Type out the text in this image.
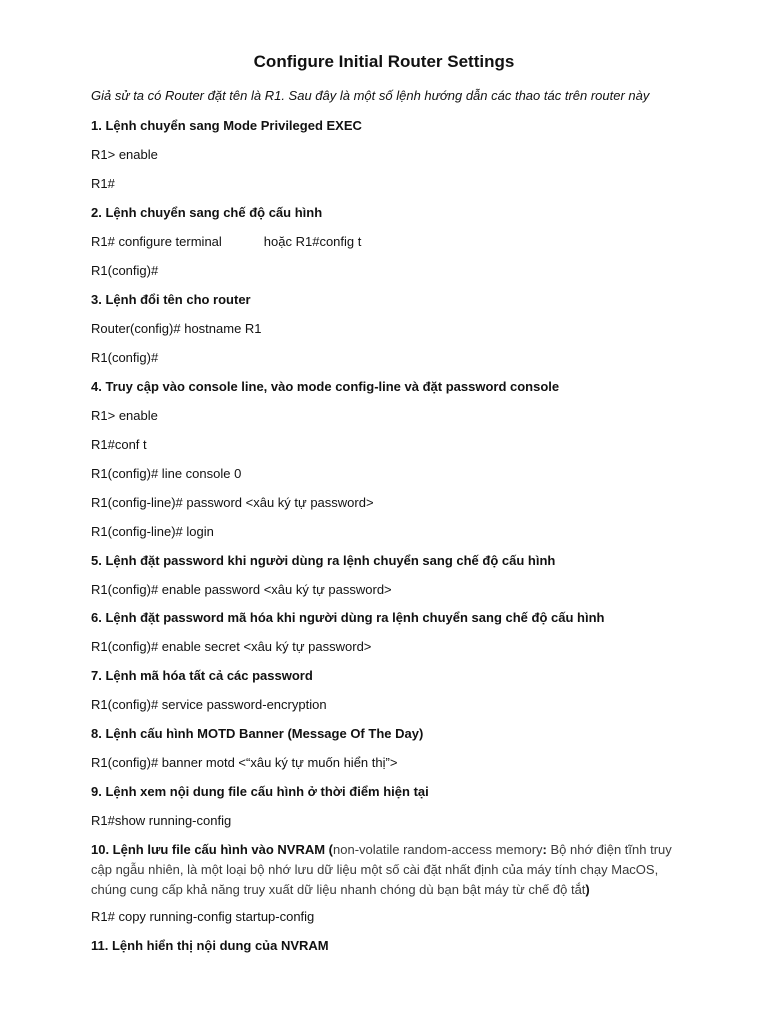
Configure Initial Router Settings
Giả sử ta có Router đặt tên là R1. Sau đây là một số lệnh hướng dẫn các thao tác trên router này
1. Lệnh chuyển sang Mode Privileged EXEC
R1> enable
R1#
2. Lệnh chuyển sang chế độ cấu hình
R1# configure terminal	hoặc R1#config t
R1(config)#
3. Lệnh đổi tên cho router
Router(config)# hostname R1
R1(config)#
4. Truy cập vào console line, vào mode config-line và đặt password console
R1> enable
R1#conf t
R1(config)# line console 0
R1(config-line)# password <xâu ký tự password>
R1(config-line)# login
5. Lệnh đặt password khi người dùng ra lệnh chuyển sang chế độ cấu hình
R1(config)# enable password <xâu ký tự password>
6. Lệnh đặt password mã hóa khi người dùng ra lệnh chuyển sang chế độ cấu hình
R1(config)# enable secret <xâu ký tự password>
7. Lệnh mã hóa tất cả các password
R1(config)# service password-encryption
8. Lệnh cấu hình MOTD Banner (Message Of The Day)
R1(config)# banner motd <“xâu ký tự muốn hiển thị”>
9. Lệnh xem nội dung file cấu hình ở thời điểm hiện tại
R1#show running-config
10. Lệnh lưu file cấu hình vào NVRAM (non-volatile random-access memory: Bộ nhớ điện tĩnh truy cập ngẫu nhiên, là một loại bộ nhớ lưu dữ liệu một số cài đặt nhất định của máy tính chạy MacOS, chúng cung cấp khả năng truy xuất dữ liệu nhanh chóng dù bạn bật máy từ chế độ tắt)
R1# copy running-config startup-config
11. Lệnh hiển thị nội dung của NVRAM
